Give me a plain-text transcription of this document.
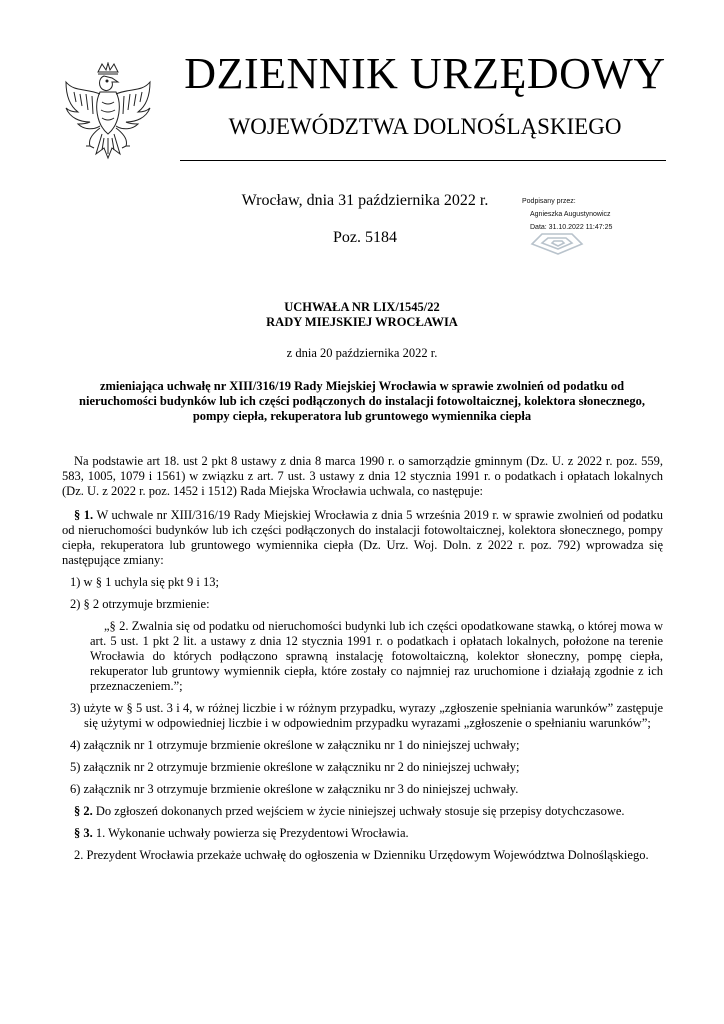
DZIENNIK URZĘDOWY
WOJEWÓDZTWA DOLNOŚLĄSKIEGO
Wrocław, dnia 31 października 2022 r.
Poz. 5184
Podpisany przez:
Agnieszka Augustynowicz
Data: 31.10.2022 11:47:25
UCHWAŁA NR LIX/1545/22
RADY MIEJSKIEJ WROCŁAWIA
z dnia 20 października 2022 r.
zmieniająca uchwałę nr XIII/316/19 Rady Miejskiej Wrocławia w sprawie zwolnień od podatku od nieruchomości budynków lub ich części podłączonych do instalacji fotowoltaicznej, kolektora słonecznego, pompy ciepła, rekuperatora lub gruntowego wymiennika ciepła

Na podstawie art 18. ust 2 pkt 8 ustawy z dnia 8 marca 1990 r. o samorządzie gminnym (Dz. U. z 2022 r. poz. 559, 583, 1005, 1079 i 1561) w związku z art. 7 ust. 3 ustawy z dnia 12 stycznia 1991 r. o podatkach i opłatach lokalnych (Dz. U. z 2022 r. poz. 1452 i 1512) Rada Miejska Wrocławia uchwala, co następuje:

§ 1. W uchwale nr XIII/316/19 Rady Miejskiej Wrocławia z dnia 5 września 2019 r. w sprawie zwolnień od podatku od nieruchomości budynków lub ich części podłączonych do instalacji fotowoltaicznej, kolektora słonecznego, pompy ciepła, rekuperatora lub gruntowego wymiennika ciepła (Dz. Urz. Woj. Doln. z 2022 r. poz. 792) wprowadza się następujące zmiany:

1) w § 1 uchyla się pkt 9 i 13;

2) § 2 otrzymuje brzmienie:

„§ 2. Zwalnia się od podatku od nieruchomości budynki lub ich części opodatkowane stawką, o której mowa w art. 5 ust. 1 pkt 2 lit. a ustawy z dnia 12 stycznia 1991 r. o podatkach i opłatach lokalnych, położone na terenie Wrocławia do których podłączono sprawną instalację fotowoltaiczną, kolektor słoneczny, pompę ciepła, rekuperator lub gruntowy wymiennik ciepła, które zostały co najmniej raz uruchomione i działają zgodnie z ich przeznaczeniem.”;

3) użyte w § 5 ust. 3 i 4, w różnej liczbie i w różnym przypadku, wyrazy „zgłoszenie spełniania warunków” zastępuje się użytymi w odpowiedniej liczbie i w odpowiednim przypadku wyrazami „zgłoszenie o spełnianiu warunków”;

4) załącznik nr 1 otrzymuje brzmienie określone w załączniku nr 1 do niniejszej uchwały;

5) załącznik nr 2 otrzymuje brzmienie określone w załączniku nr 2 do niniejszej uchwały;

6) załącznik nr 3 otrzymuje brzmienie określone w załączniku nr 3 do niniejszej uchwały.

§ 2. Do zgłoszeń dokonanych przed wejściem w życie niniejszej uchwały stosuje się przepisy dotychczasowe.

§ 3. 1. Wykonanie uchwały powierza się Prezydentowi Wrocławia.

2. Prezydent Wrocławia przekaże uchwałę do ogłoszenia w Dzienniku Urzędowym Województwa Dolnośląskiego.
